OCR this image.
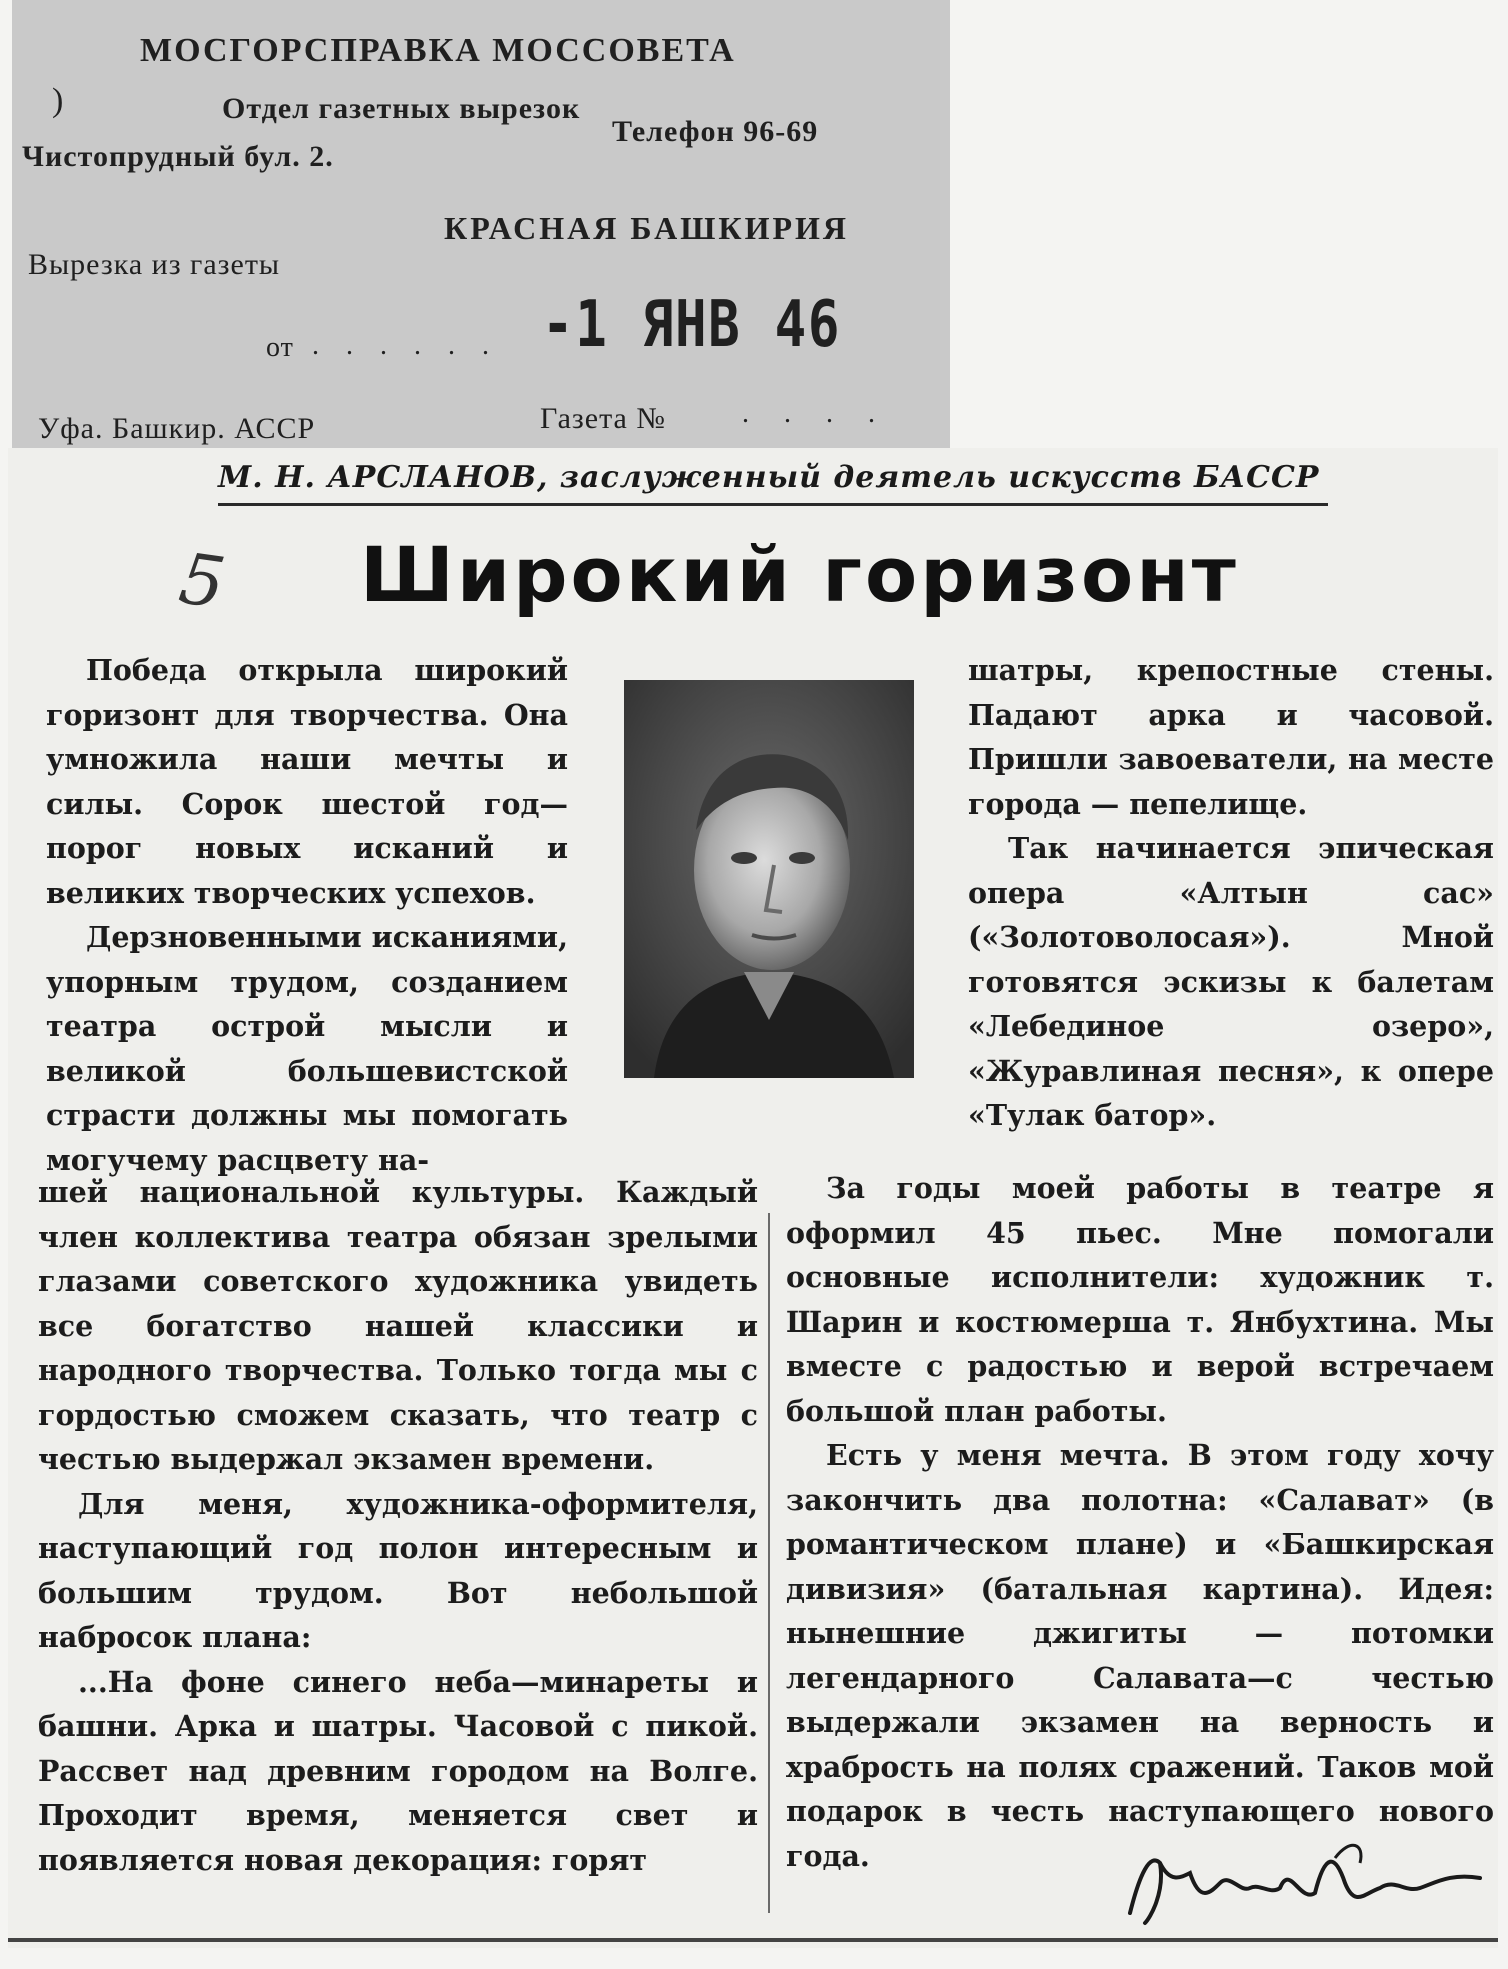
)
МОСГОРСПРАВКА МОССОВЕТА
Отдел газетных вырезок
Чистопрудный бул. 2.
Телефон 96-69
Вырезка из газеты
КРАСНАЯ БАШКИРИЯ
от . . . . . . -1 ЯНВ 46
Уфа. Башкир. АССР	Газета №	. . . .
М. Н. АРСЛАНОВ, заслуженный деятель искусств БАССР
5 Широкий горизонт

Победа открыла широкий горизонт для творчества. Она умножила наши мечты и силы. Сорок шестой год— порог новых исканий и великих творческих успехов.

Дерзновенными исканиями, упорным трудом, созданием театра острой мысли и великой большевистской страсти должны мы помогать могучему расцвету на-

шатры, крепостные стены. Падают арка и часовой. Пришли завоеватели, на месте города — пепелище.

Так начинается эпическая опера «Алтын сас» («Золотоволосая»). Мной готовятся эскизы к балетам «Лебединое озеро», «Журавлиная песня», к опере «Тулак батор».

шей национальной культуры. Каждый член коллектива театра обязан зрелыми глазами советского художника увидеть все богатство нашей классики и народного творчества. Только тогда мы с гордостью сможем сказать, что театр с честью выдержал экзамен времени.

Для меня, художника-оформителя, наступающий год полон интересным и большим трудом. Вот небольшой набросок плана:

...На фоне синего неба—минареты и башни. Арка и шатры. Часовой с пикой. Рассвет над древним городом на Волге. Проходит время, меняется свет и появляется новая декорация: горят

За годы моей работы в театре я оформил 45 пьес. Мне помогали основные исполнители: художник т. Шарин и костюмерша т. Янбухтина. Мы вместе с радостью и верой встречаем большой план работы.

Есть у меня мечта. В этом году хочу закончить два полотна: «Салават» (в романтическом плане) и «Башкирская дивизия» (батальная картина). Идея: нынешние джигиты — потомки легендарного Салавата—с честью выдержали экзамен на верность и храбрость на полях сражений. Таков мой подарок в честь наступающего нового года.
